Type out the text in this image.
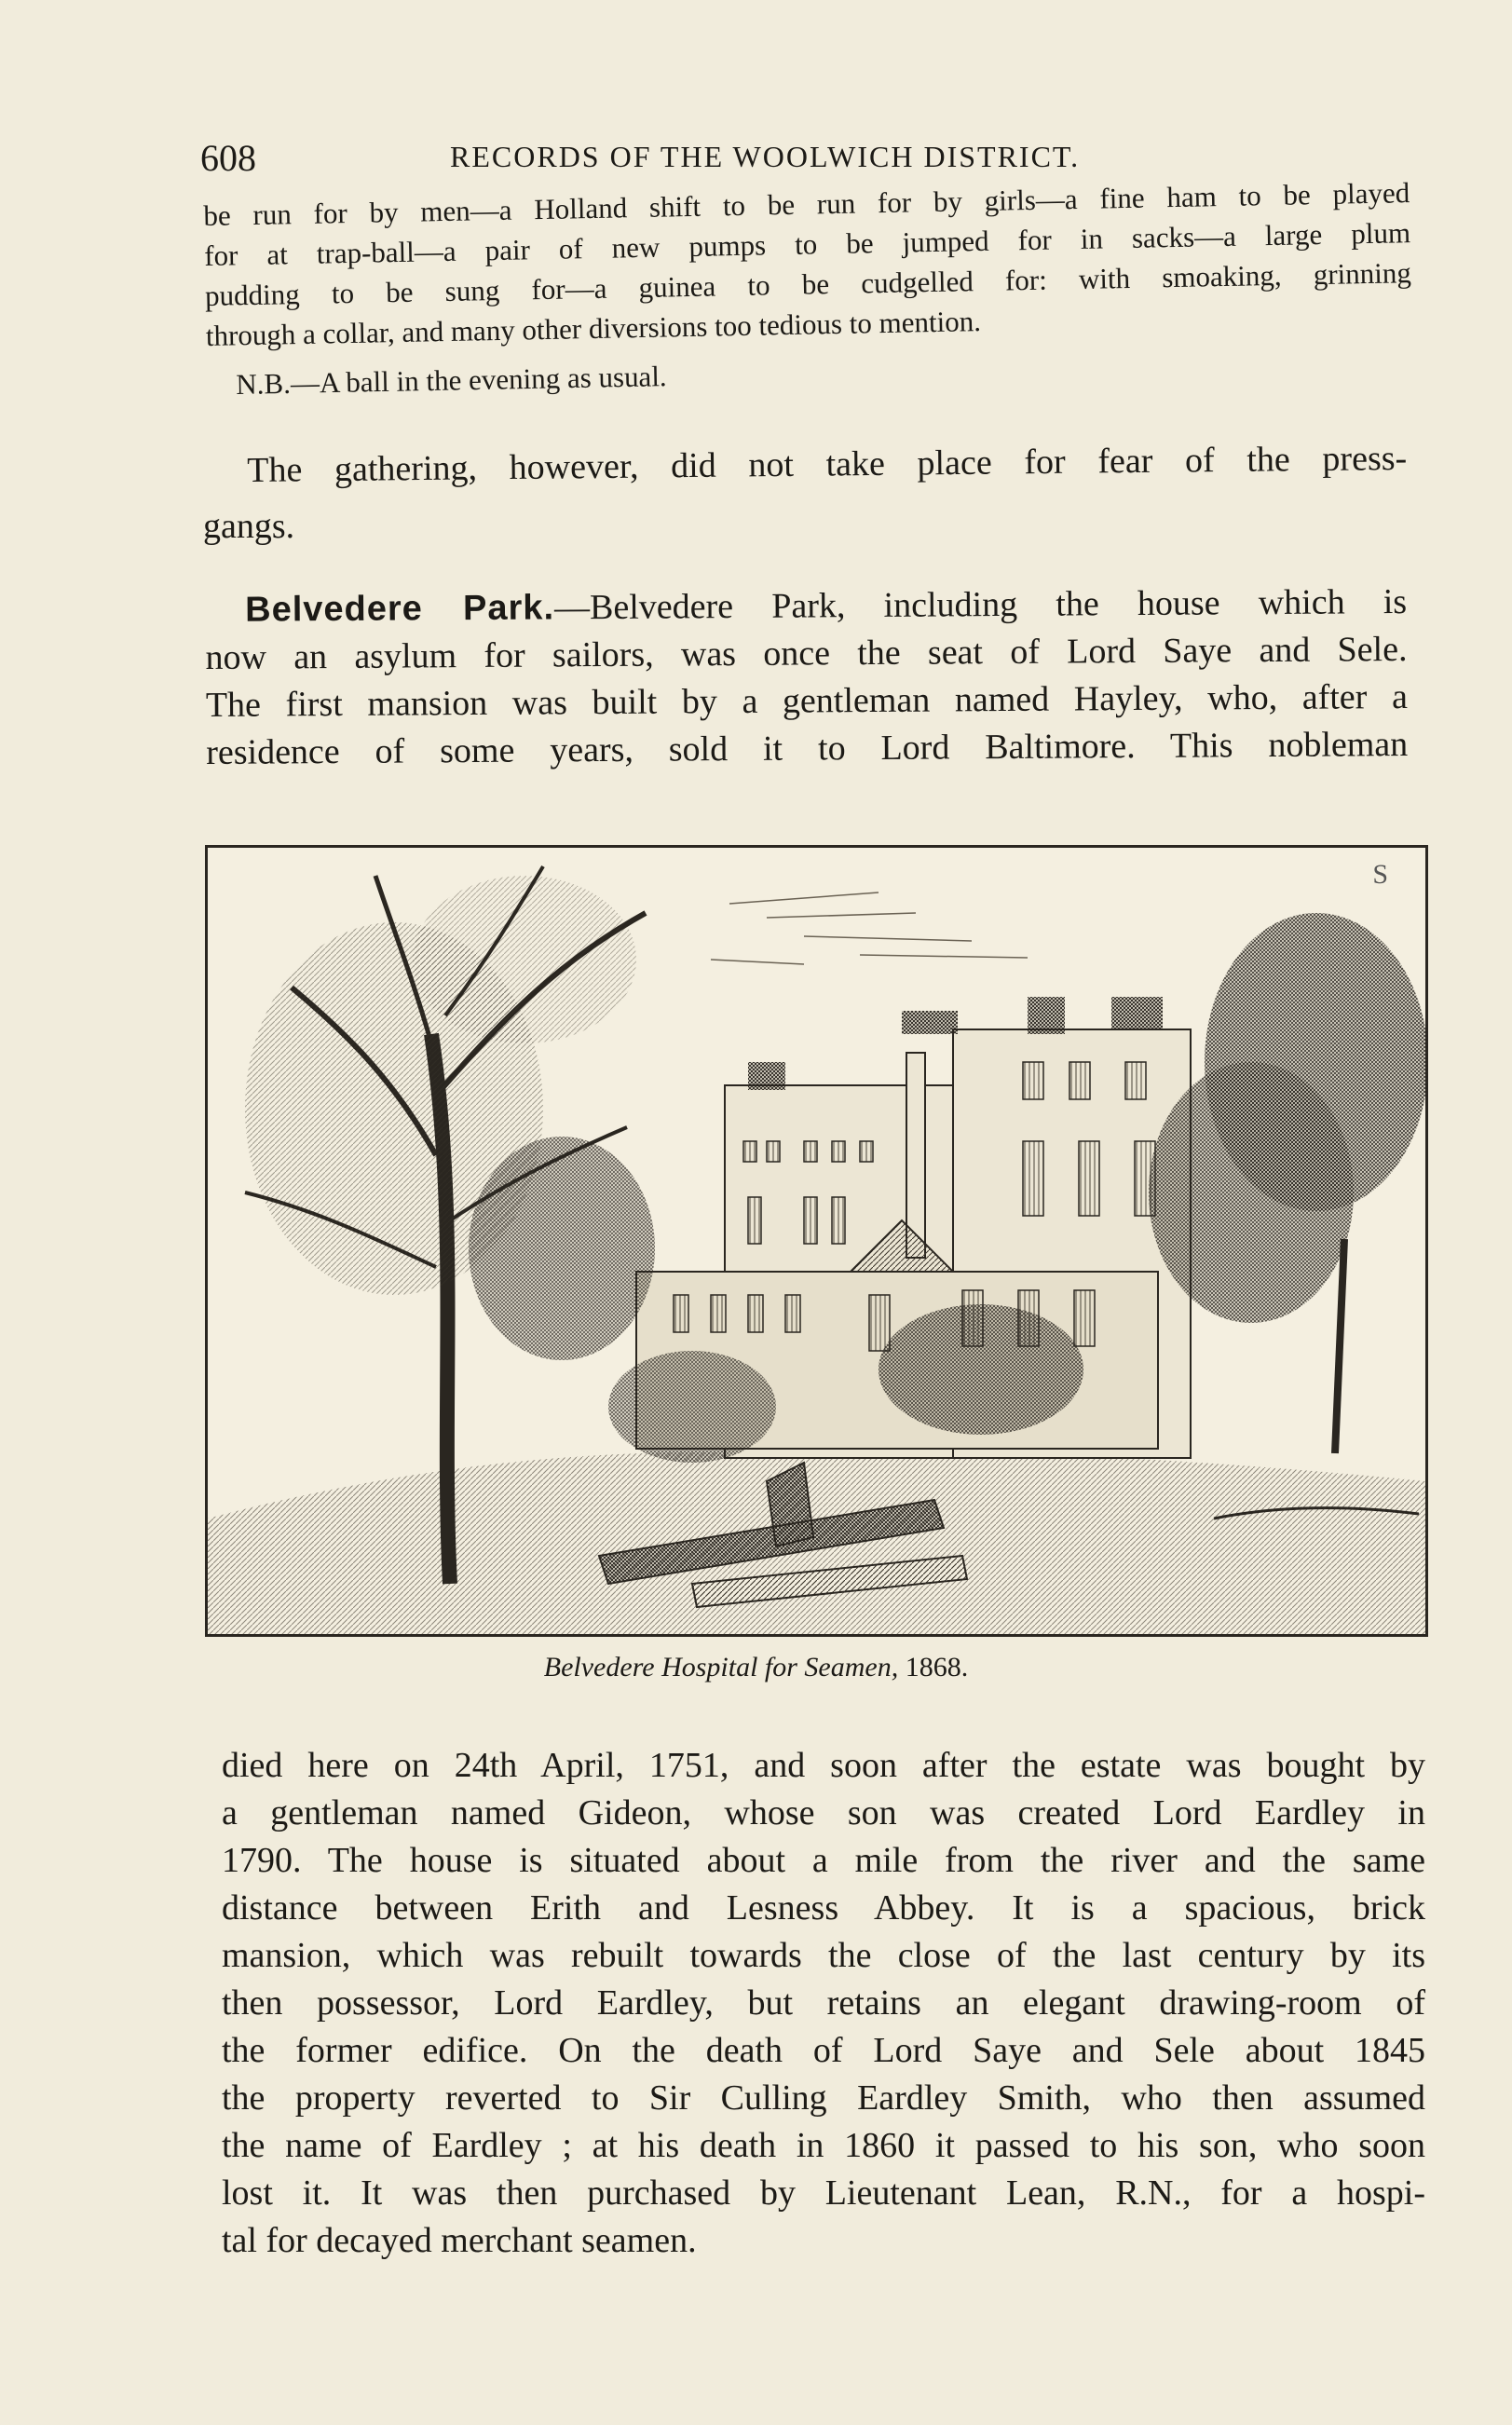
608	RECORDS OF THE WOOLWICH DISTRICT.
be run for by men—a Holland shift to be run for by girls—a fine ham to be played
for at trap-ball—a pair of new pumps to be jumped for in sacks—a large plum
pudding to be sung for—a guinea to be cudgelled for: with smoaking, grinning
through a collar, and many other diversions too tedious to mention.
N.B.—A ball in the evening as usual.
The gathering, however, did not take place for fear of the press-
gangs.
Belvedere Park.—Belvedere Park, including the house which is
now an asylum for sailors, was once the seat of Lord Saye and Sele.
The first mansion was built by a gentleman named Hayley, who, after a
residence of some years, sold it to Lord Baltimore. This nobleman
S
Belvedere Hospital for Seamen, 1868.
died here on 24th April, 1751, and soon after the estate was bought by
a gentleman named Gideon, whose son was created Lord Eardley in
1790. The house is situated about a mile from the river and the same
distance between Erith and Lesness Abbey. It is a spacious, brick
mansion, which was rebuilt towards the close of the last century by its
then possessor, Lord Eardley, but retains an elegant drawing-room of
the former edifice. On the death of Lord Saye and Sele about 1845
the property reverted to Sir Culling Eardley Smith, who then assumed
the name of Eardley ; at his death in 1860 it passed to his son, who soon
lost it. It was then purchased by Lieutenant Lean, R.N., for a hospi-
tal for decayed merchant seamen.
